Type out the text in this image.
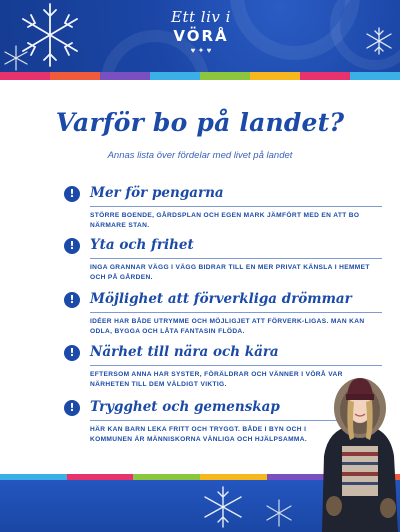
Ett liv i
VÖRÅ
♥ ✦ ♥
Varför bo på landet?
Annas lista över fördelar med livet på landet
!	Mer för pengarna
STÖRRE BOENDE, GÅRDSPLAN OCH EGEN MARK JÄMFÖRT MED EN ATT BO NÄRMARE STAN.
!	Yta och frihet
INGA GRANNAR VÄGG I VÄGG BIDRAR TILL EN MER PRIVAT KÄNSLA I HEMMET OCH PÅ GÅRDEN.
!	Möjlighet att förverkliga drömmar
IDÉER HAR BÅDE UTRYMME OCH MÖJLIGJET ATT FÖRVERK-LIGAS. MAN KAN ODLA, BYGGA OCH LÅTA FANTASIN FLÖDA.
!	Närhet till nära och kära
EFTERSOM ANNA HAR SYSTER, FÖRÄLDRAR OCH VÄNNER I VÖRÅ VAR NÄRHETEN TILL DEM VÄLDIGT VIKTIG.
!	Trygghet och gemenskap
HÄR KAN BARN LEKA FRITT OCH TRYGGT. BÅDE I BYN OCH I KOMMUNEN ÄR MÄNNISKORNA VÄNLIGA OCH HJÄLPSAMMA.
